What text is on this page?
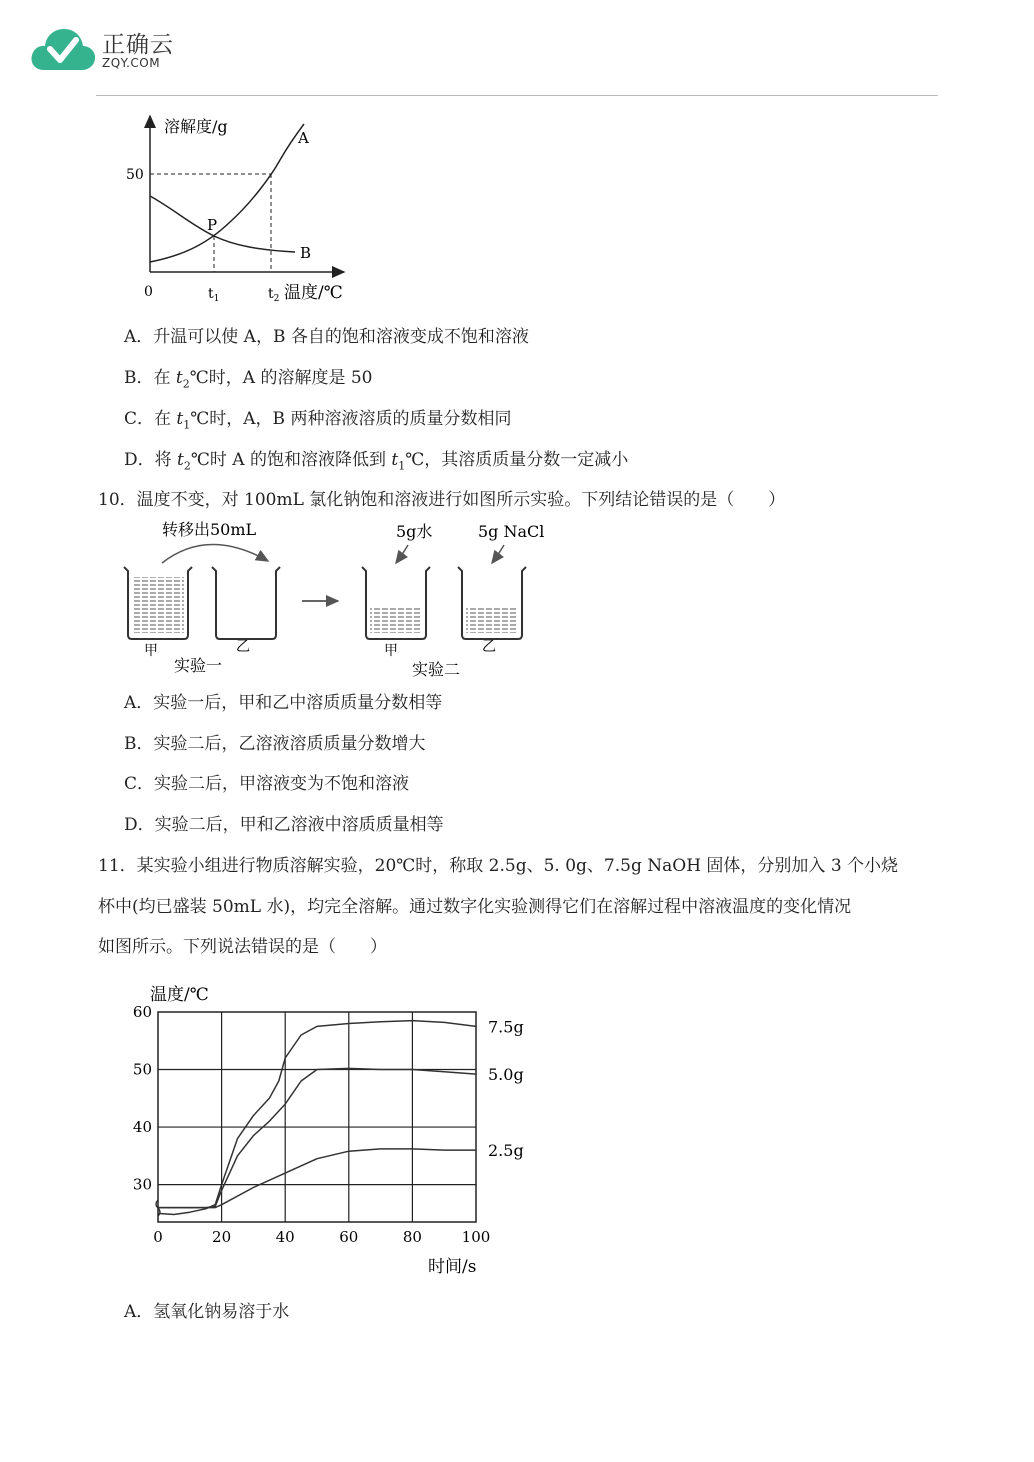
正确云
ZQY.COM
溶解度/g
50
0
P
A
B
$t_1$	$t_2$ 温度/℃
A．升温可以使 A，B 各自的饱和溶液变成不饱和溶液
B．在 $t_2℃$时，A 的溶解度是 50
C．在 $t_1℃$时，A，B 两种溶液溶质的质量分数相同
D．将 $t_2℃$时 A 的饱和溶液降低到 $t_1℃$，其溶质质量分数一定减小
10．温度不变，对 100mL 氯化钠饱和溶液进行如图所示实验。下列结论错误的是（　　）
转移出50mL
甲	乙
实验一
5g水	5g NaCl
甲	乙
实验二
A．实验一后，甲和乙中溶质质量分数相等
B．实验二后，乙溶液溶质质量分数增大
C．实验二后，甲溶液变为不饱和溶液
D．实验二后，甲和乙溶液中溶质质量相等
11．某实验小组进行物质溶解实验，20℃时，称取 2.5g、5. 0g、7.5g NaOH 固体，分别加入 3 个小烧
杯中(均已盛装 50mL 水)，均完全溶解。通过数字化实验测得它们在溶解过程中溶液温度的变化情况
如图所示。下列说法错误的是（　　）
温度/℃
时间/s
0	20	40	60	80	100
30
40
50
60
7.5g
5.0g
2.5g
A．氢氧化钠易溶于水
